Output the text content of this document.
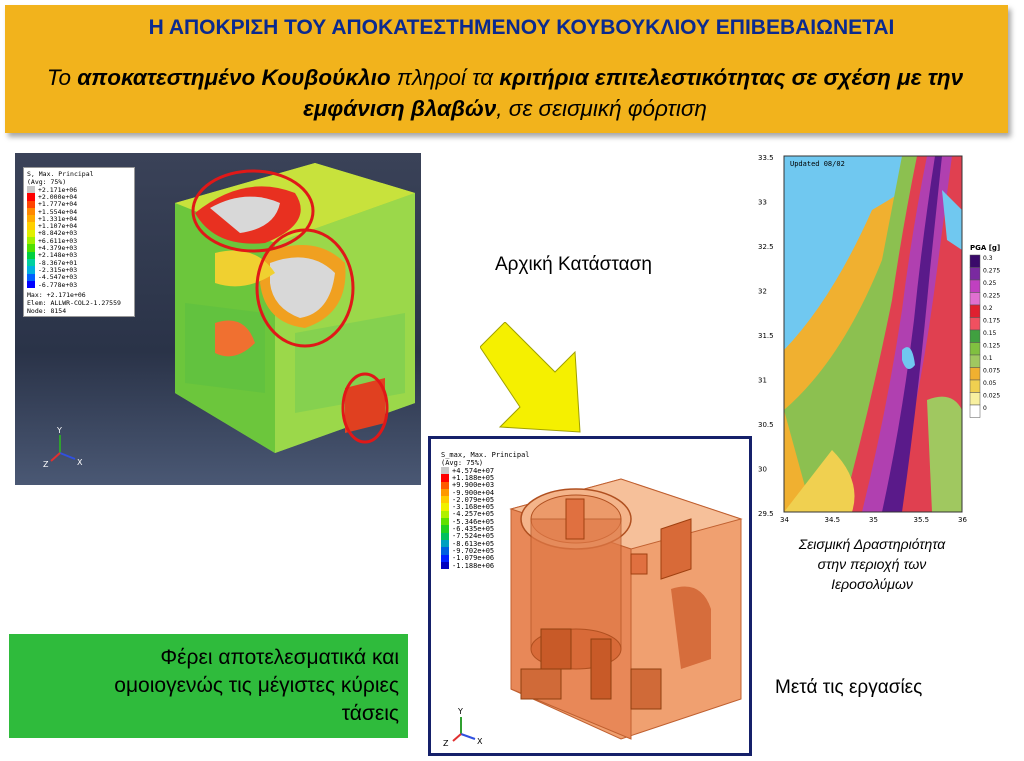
Η ΑΠΟΚΡΙΣΗ ΤΟΥ ΑΠΟΚΑΤΕΣΤΗΜΕΝΟΥ ΚΟΥΒΟΥΚΛΙΟΥ ΕΠΙΒΕΒΑΙΩΝΕΤΑΙ
Το αποκατεστημένο Κουβούκλιο πληροί τα κριτήρια επιτελεστικότητας σε σχέση με την εμφάνιση βλαβών, σε σεισμική φόρτιση
Y
X
Z
S, Max. Principal
(Avg: 75%)
+2.171e+06
+2.000e+04
+1.777e+04
+1.554e+04
+1.331e+04
+1.107e+04
+8.842e+03
+6.611e+03
+4.379e+03
+2.148e+03
-8.367e+01
-2.315e+03
-4.547e+03
-6.778e+03
Max: +2.171e+06
Elem: ALLWR-COL2-1.27559
Node: 8154
Αρχική Κατάσταση
Μετά τις εργασίες
Updated 08/02
33.5
33
32.5
32
31.5
31
30.5
30
29.5
34	34.5	35	35.5	36
PGA [g]
0.3
0.275
0.25
0.225
0.2
0.175
0.15
0.125
0.1
0.075
0.05
0.025
0
Σεισμική Δραστηριότητα
στην περιοχή των
Ιεροσολύμων
Y
X
Z
S_max, Max. Principal
(Avg: 75%)
+4.574e+07
+1.188e+05
+9.900e+03
-9.900e+04
-2.079e+05
-3.168e+05
-4.257e+05
-5.346e+05
-6.435e+05
-7.524e+05
-8.613e+05
-9.702e+05
-1.079e+06
-1.188e+06
Φέρει αποτελεσματικά και
ομοιογενώς τις μέγιστες κύριες
τάσεις
